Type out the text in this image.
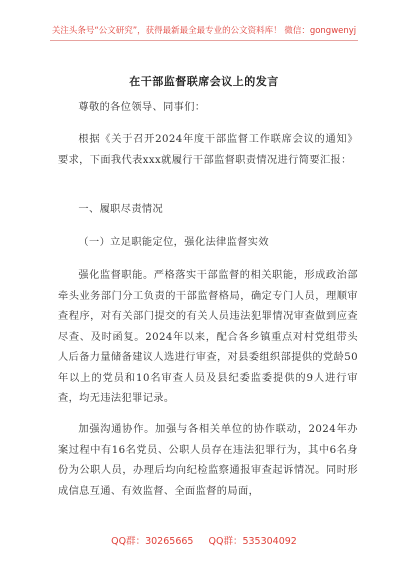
关注头条号“公文研究”，获得最新最全最专业的公文资料库！ 微信：gongwenyj
在干部监督联席会议上的发言
尊敬的各位领导、同事们：

根据《关于召开2024年度干部监督工作联席会议的通知》要求，下面我代表xxx就履行干部监督职责情况进行简要汇报：

一、履职尽责情况
（一）立足职能定位，强化法律监督实效

强化监督职能。严格落实干部监督的相关职能，形成政治部牵头业务部门分工负责的干部监督格局，确定专门人员，理顺审查程序，对有关部门提交的有关人员违法犯罪情况审查做到应查尽查、及时函复。2024年以来，配合各乡镇重点对村党组带头人后备力量储备建议人选进行审查，对县委组织部提供的党龄50年以上的党员和10名审查人员及县纪委监委提供的9人进行审查，均无违法犯罪记录。

加强沟通协作。加强与各相关单位的协作联动，2024年办案过程中有16名党员、公职人员存在违法犯罪行为，其中6名身份为公职人员，办理后均向纪检监察通报审查起诉情况。同时形成信息互通、有效监督、全面监督的局面，

QQ群：30265665 QQ群：535304092
